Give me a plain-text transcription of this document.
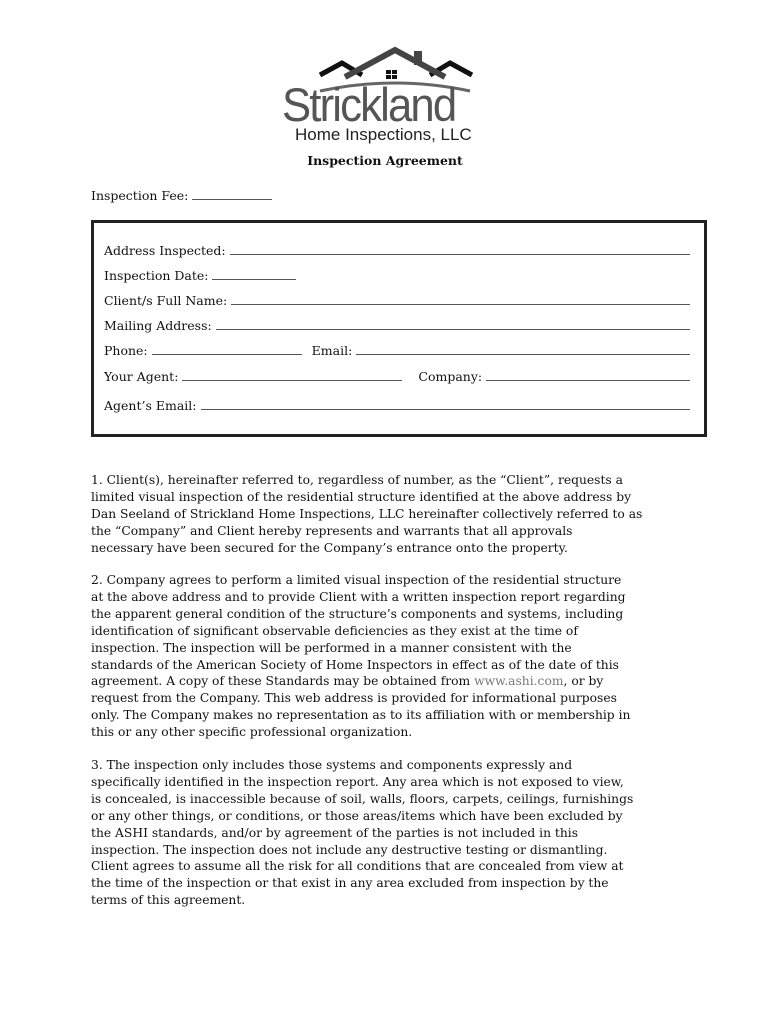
Strickland
Home Inspections, LLC
Inspection Agreement
Inspection Fee:
Address Inspected:
Inspection Date:
Client/s Full Name:
Mailing Address:
Phone:	Email:
Your Agent:	Company:
Agent’s Email:
1. Client(s), hereinafter referred to, regardless of number, as the “Client”, requests a
limited visual inspection of the residential structure identified at the above address by
Dan Seeland of Strickland Home Inspections, LLC hereinafter collectively referred to as
the “Company” and Client hereby represents and warrants that all approvals
necessary have been secured for the Company’s entrance onto the property.
2. Company agrees to perform a limited visual inspection of the residential structure
at the above address and to provide Client with a written inspection report regarding
the apparent general condition of the structure’s components and systems, including
identification of significant observable deficiencies as they exist at the time of
inspection. The inspection will be performed in a manner consistent with the
standards of the American Society of Home Inspectors in effect as of the date of this
agreement. A copy of these Standards may be obtained from www.ashi.com, or by
request from the Company. This web address is provided for informational purposes
only. The Company makes no representation as to its affiliation with or membership in
this or any other specific professional organization.
3. The inspection only includes those systems and components expressly and
specifically identified in the inspection report. Any area which is not exposed to view,
is concealed, is inaccessible because of soil, walls, floors, carpets, ceilings, furnishings
or any other things, or conditions, or those areas/items which have been excluded by
the ASHI standards, and/or by agreement of the parties is not included in this
inspection. The inspection does not include any destructive testing or dismantling.
Client agrees to assume all the risk for all conditions that are concealed from view at
the time of the inspection or that exist in any area excluded from inspection by the
terms of this agreement.
